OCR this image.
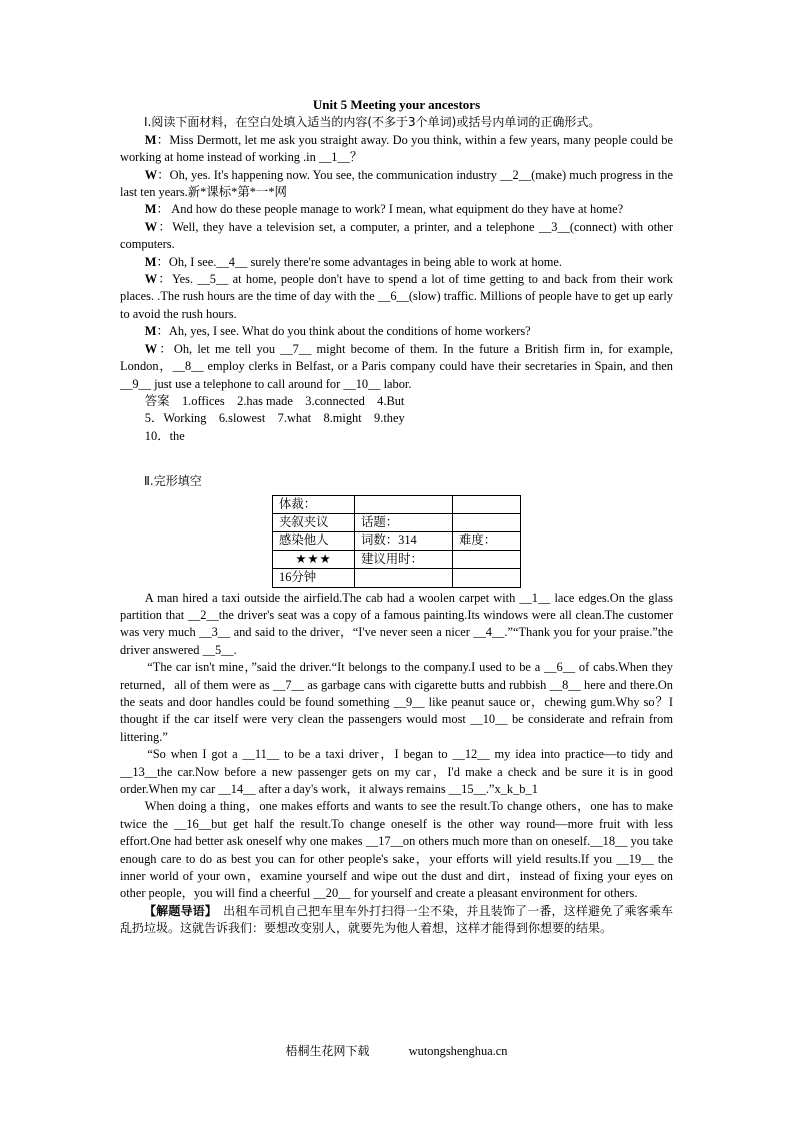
Unit 5 Meeting your ancestors

Ⅰ.阅读下面材料，在空白处填入适当的内容(不多于3个单词)或括号内单词的正确形式。

M：Miss Dermott, let me ask you straight away. Do you think, within a few years, many people could be working at home instead of working .in __1__？

W：Oh, yes. It's happening now. You see, the communication industry __2__(make) much progress in the last ten years.新*课标*第*一*网

M： And how do these people manage to work? I mean, what equipment do they have at home?

W：Well, they have a television set, a computer, a printer, and a telephone __3__(connect) with other computers.

M：Oh, I see.__4__ surely there're some advantages in being able to work at home.

W：Yes. __5__ at home, people don't have to spend a lot of time getting to and back from their work places. .The rush hours are the time of day with the __6__(slow) traffic. Millions of people have to get up early to avoid the rush hours.

M：Ah, yes, I see. What do you think about the conditions of home workers?

W：Oh, let me tell you __7__ might become of them. In the future a British firm in, for example, London，__8__ employ clerks in Belfast, or a Paris company could have their secretaries in Spain, and then __9__ just use a telephone to call around for __10__ labor.

答案　1.offices　2.has made　3.connected　4.But

5．Working　6.slowest　7.what　8.might　9.they

10．the

Ⅱ.完形填空

体裁：		
夹叙夹议	话题：	
感染他人	词数：314	难度：
★★★	建议用时：	
16分钟		

A man hired a taxi outside the airfield.The cab had a woolen carpet with __1__ lace edges.On the glass partition that __2__the driver's seat was a copy of a famous painting.Its windows were all clean.The customer was very much __3__ and said to the driver，“I've never seen a nicer __4__.”“Thank you for your praise.”the driver answered __5__.

“The car isn't mine，”said the driver.“It belongs to the company.I used to be a __6__ of cabs.When they returned，all of them were as __7__ as garbage cans with cigarette butts and rubbish __8__ here and there.On the seats and door handles could be found something __9__ like peanut sauce or，chewing gum.Why so？I thought if the car itself were very clean the passengers would most __10__ be considerate and refrain from littering.”

“So when I got a __11__ to be a taxi driver，I began to __12__ my idea into practice—to tidy and __13__the car.Now before a new passenger gets on my car，I'd make a check and be sure it is in good order.When my car __14__ after a day's work，it always remains __15__.”x_k_b_1

When doing a thing，one makes efforts and wants to see the result.To change others，one has to make twice the __16__but get half the result.To change oneself is the other way round—more fruit with less effort.One had better ask oneself why one makes __17__on others much more than on oneself.__18__ you take enough care to do as best you can for other people's sake，your efforts will yield results.If you __19__ the inner world of your own，examine yourself and wipe out the dust and dirt，instead of fixing your eyes on other people，you will find a cheerful __20__ for yourself and create a pleasant environment for others.

【解题导语】　出租车司机自己把车里车外打扫得一尘不染，并且装饰了一番，这样避免了乘客乘车乱扔垃圾。这就告诉我们：要想改变别人，就要先为他人着想，这样才能得到你想要的结果。

梧桐生花网下载	wutongshenghua.cn
